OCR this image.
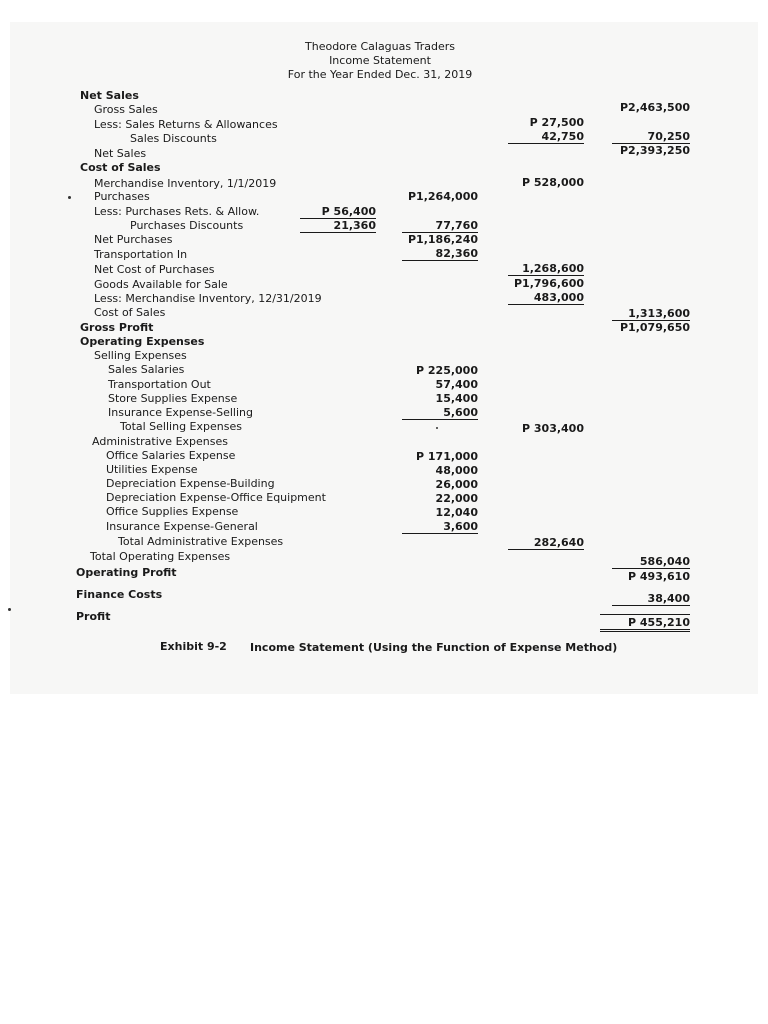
Theodore Calaguas Traders
Income Statement
For the Year Ended Dec. 31, 2019
Net Sales
Gross Sales
Less: Sales Returns & Allowances
Sales Discounts
Net Sales
Cost of Sales
Merchandise Inventory, 1/1/2019
Purchases
Less: Purchases Rets. & Allow.
Purchases Discounts
Net Purchases
Transportation In
Net Cost of Purchases
Goods Available for Sale
Less: Merchandise Inventory, 12/31/2019
Cost of Sales
Gross Profit
Operating Expenses
Selling Expenses
Sales Salaries
Transportation Out
Store Supplies Expense
Insurance Expense-Selling
Total Selling Expenses
Administrative Expenses
Office Salaries Expense
Utilities Expense
Depreciation Expense-Building
Depreciation Expense-Office Equipment
Office Supplies Expense
Insurance Expense-General
Total Administrative Expenses
Total Operating Expenses
Operating Profit
Finance Costs
Profit
P 56,400
21,360
P1,264,000
77,760
P1,186,240
82,360
P 225,000
57,400
15,400
5,600
P 171,000
48,000
26,000
22,000
12,040
3,600
P 27,500
42,750
P 528,000
1,268,600
P1,796,600
483,000
P 303,400
282,640
P2,463,500
70,250
P2,393,250
1,313,600
P1,079,650
586,040
P 493,610
38,400
P 455,210
Exhibit 9-2 Income Statement (Using the Function of Expense Method)
